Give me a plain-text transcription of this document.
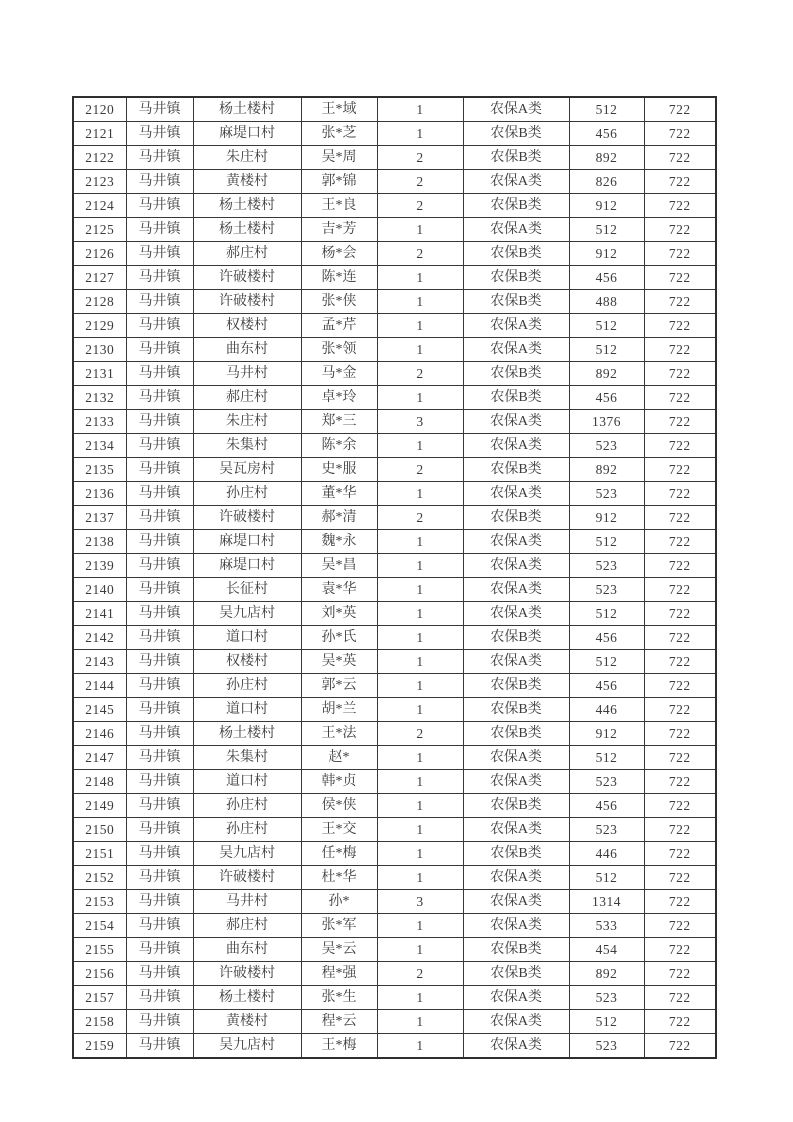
2120	马井镇	杨土楼村	王*域	1	农保A类	512	722
2121	马井镇	麻堤口村	张*芝	1	农保B类	456	722
2122	马井镇	朱庄村	吴*周	2	农保B类	892	722
2123	马井镇	黄楼村	郭*锦	2	农保A类	826	722
2124	马井镇	杨土楼村	王*良	2	农保B类	912	722
2125	马井镇	杨土楼村	吉*芳	1	农保A类	512	722
2126	马井镇	郝庄村	杨*会	2	农保B类	912	722
2127	马井镇	许破楼村	陈*连	1	农保B类	456	722
2128	马井镇	许破楼村	张*侠	1	农保B类	488	722
2129	马井镇	权楼村	孟*芹	1	农保A类	512	722
2130	马井镇	曲东村	张*领	1	农保A类	512	722
2131	马井镇	马井村	马*金	2	农保B类	892	722
2132	马井镇	郝庄村	卓*玲	1	农保B类	456	722
2133	马井镇	朱庄村	郑*三	3	农保A类	1376	722
2134	马井镇	朱集村	陈*余	1	农保A类	523	722
2135	马井镇	吴瓦房村	史*服	2	农保B类	892	722
2136	马井镇	孙庄村	董*华	1	农保A类	523	722
2137	马井镇	许破楼村	郝*清	2	农保B类	912	722
2138	马井镇	麻堤口村	魏*永	1	农保A类	512	722
2139	马井镇	麻堤口村	吴*昌	1	农保A类	523	722
2140	马井镇	长征村	袁*华	1	农保A类	523	722
2141	马井镇	吴九店村	刘*英	1	农保A类	512	722
2142	马井镇	道口村	孙*氏	1	农保B类	456	722
2143	马井镇	权楼村	吴*英	1	农保A类	512	722
2144	马井镇	孙庄村	郭*云	1	农保B类	456	722
2145	马井镇	道口村	胡*兰	1	农保B类	446	722
2146	马井镇	杨土楼村	王*法	2	农保B类	912	722
2147	马井镇	朱集村	赵*	1	农保A类	512	722
2148	马井镇	道口村	韩*贞	1	农保A类	523	722
2149	马井镇	孙庄村	侯*侠	1	农保B类	456	722
2150	马井镇	孙庄村	王*交	1	农保A类	523	722
2151	马井镇	吴九店村	任*梅	1	农保B类	446	722
2152	马井镇	许破楼村	杜*华	1	农保A类	512	722
2153	马井镇	马井村	孙*	3	农保A类	1314	722
2154	马井镇	郝庄村	张*军	1	农保A类	533	722
2155	马井镇	曲东村	吴*云	1	农保B类	454	722
2156	马井镇	许破楼村	程*强	2	农保B类	892	722
2157	马井镇	杨土楼村	张*生	1	农保A类	523	722
2158	马井镇	黄楼村	程*云	1	农保A类	512	722
2159	马井镇	吴九店村	王*梅	1	农保A类	523	722
